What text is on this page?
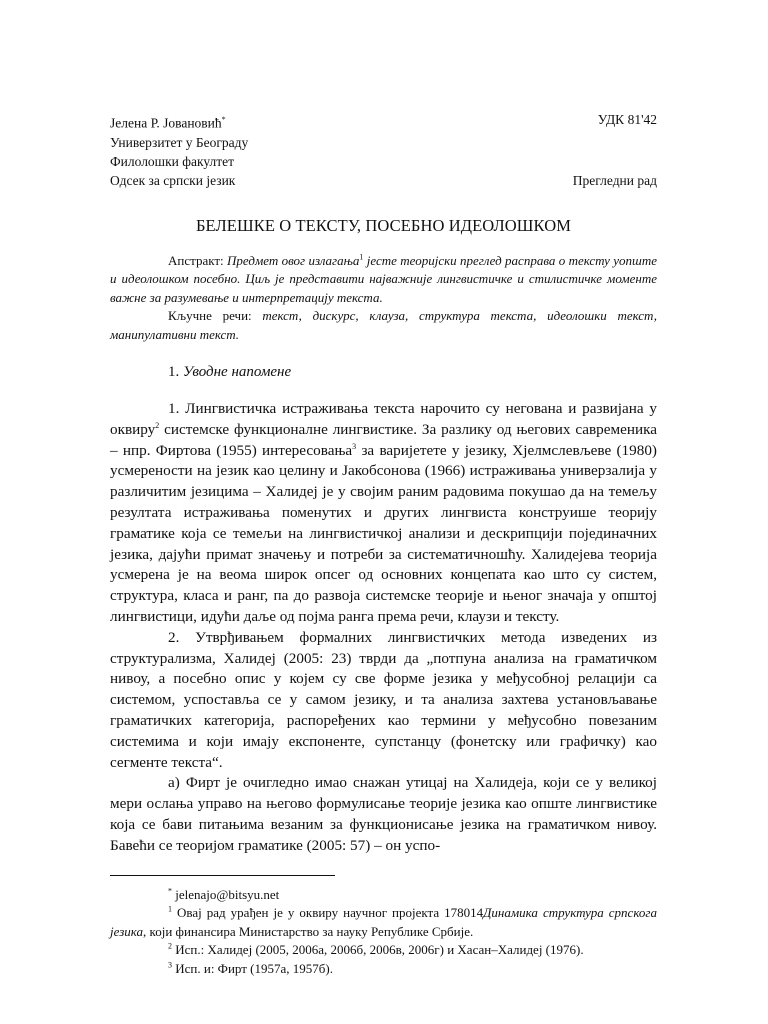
Јелена Р. Јовановић*	УДК 81'42
Универзитет у Београду
Филолошки факултет
Одсек за српски језик	Прегледни рад
БЕЛЕШКЕ О ТЕКСТУ, ПОСЕБНО ИДЕОЛОШКОМ

Апстракт: Предмет овог излагања$^1$ јесте теоријски преглед расправа о тексту уопште и идеолошком посебно. Циљ је представити најважније лингвистичке и стилистичке моменте важне за разумевање и интерпретацију текста.

Кључне речи: текст, дискурс, клауза, структура текста, идеолошки текст, манипулативни текст.

1. Уводне напомене

1. Лингвистичка истраживања текста нарочито су негована и развијана у оквиру$^2$ системске функционалне лингвистике. За разлику од његових савременика – нпр. Фиртова (1955) интересовања$^3$ за варијетете у језику, Хјелмслевљеве (1980) усмерености на језик као целину и Јакобсонова (1966) истраживања универзалија у различитим језицима – Халидеј је у својим раним радовима покушао да на темељу резултата истраживања поменутих и других лингвиста конструише теорију граматике која се темељи на лингвистичкој анализи и дескрипцији појединачних језика, дајући примат значењу и потреби за систематичношћу. Халидејева теорија усмерена је на веома широк опсег од основних концепата као што су систем, структура, класа и ранг, па до развоја системске теорије и њеног значаја у општој лингвистици, идући даље од појма ранга према речи, клаузи и тексту.

2. Утврђивањем формалних лингвистичких метода изведених из структурализма, Халидеј (2005: 23) тврди да „потпуна анализа на граматичком нивоу, а посебно опис у којем су све форме језика у међусобној релацији са системом, успоставља се у самом језику, и та анализа захтева установљавање граматичких категорија, распоређених као термини у међусобно повезаним системима и који имају експоненте, супстанцу (фонетску или графичку) као сегменте текста“.

а) Фирт је очигледно имао снажан утицај на Халидеја, који се у великој мери ослања управо на његово формулисање теорије језика као опште лингвистике која се бави питањима везаним за функционисање језика на граматичком нивоу. Бавећи се теоријом граматике (2005: 57) – он успо-

* jelenajo@bitsyu.net

$^1$ Овај рад урађен је у оквиру научног пројекта 178014Динамика структура српскога језика, који финансира Министарство за науку Републике Србије.

$^2$ Исп.: Халидеј (2005, 2006а, 2006б, 2006в, 2006г) и Хасан–Халидеј (1976).

$^3$ Исп. и: Фирт (1957а, 1957б).
